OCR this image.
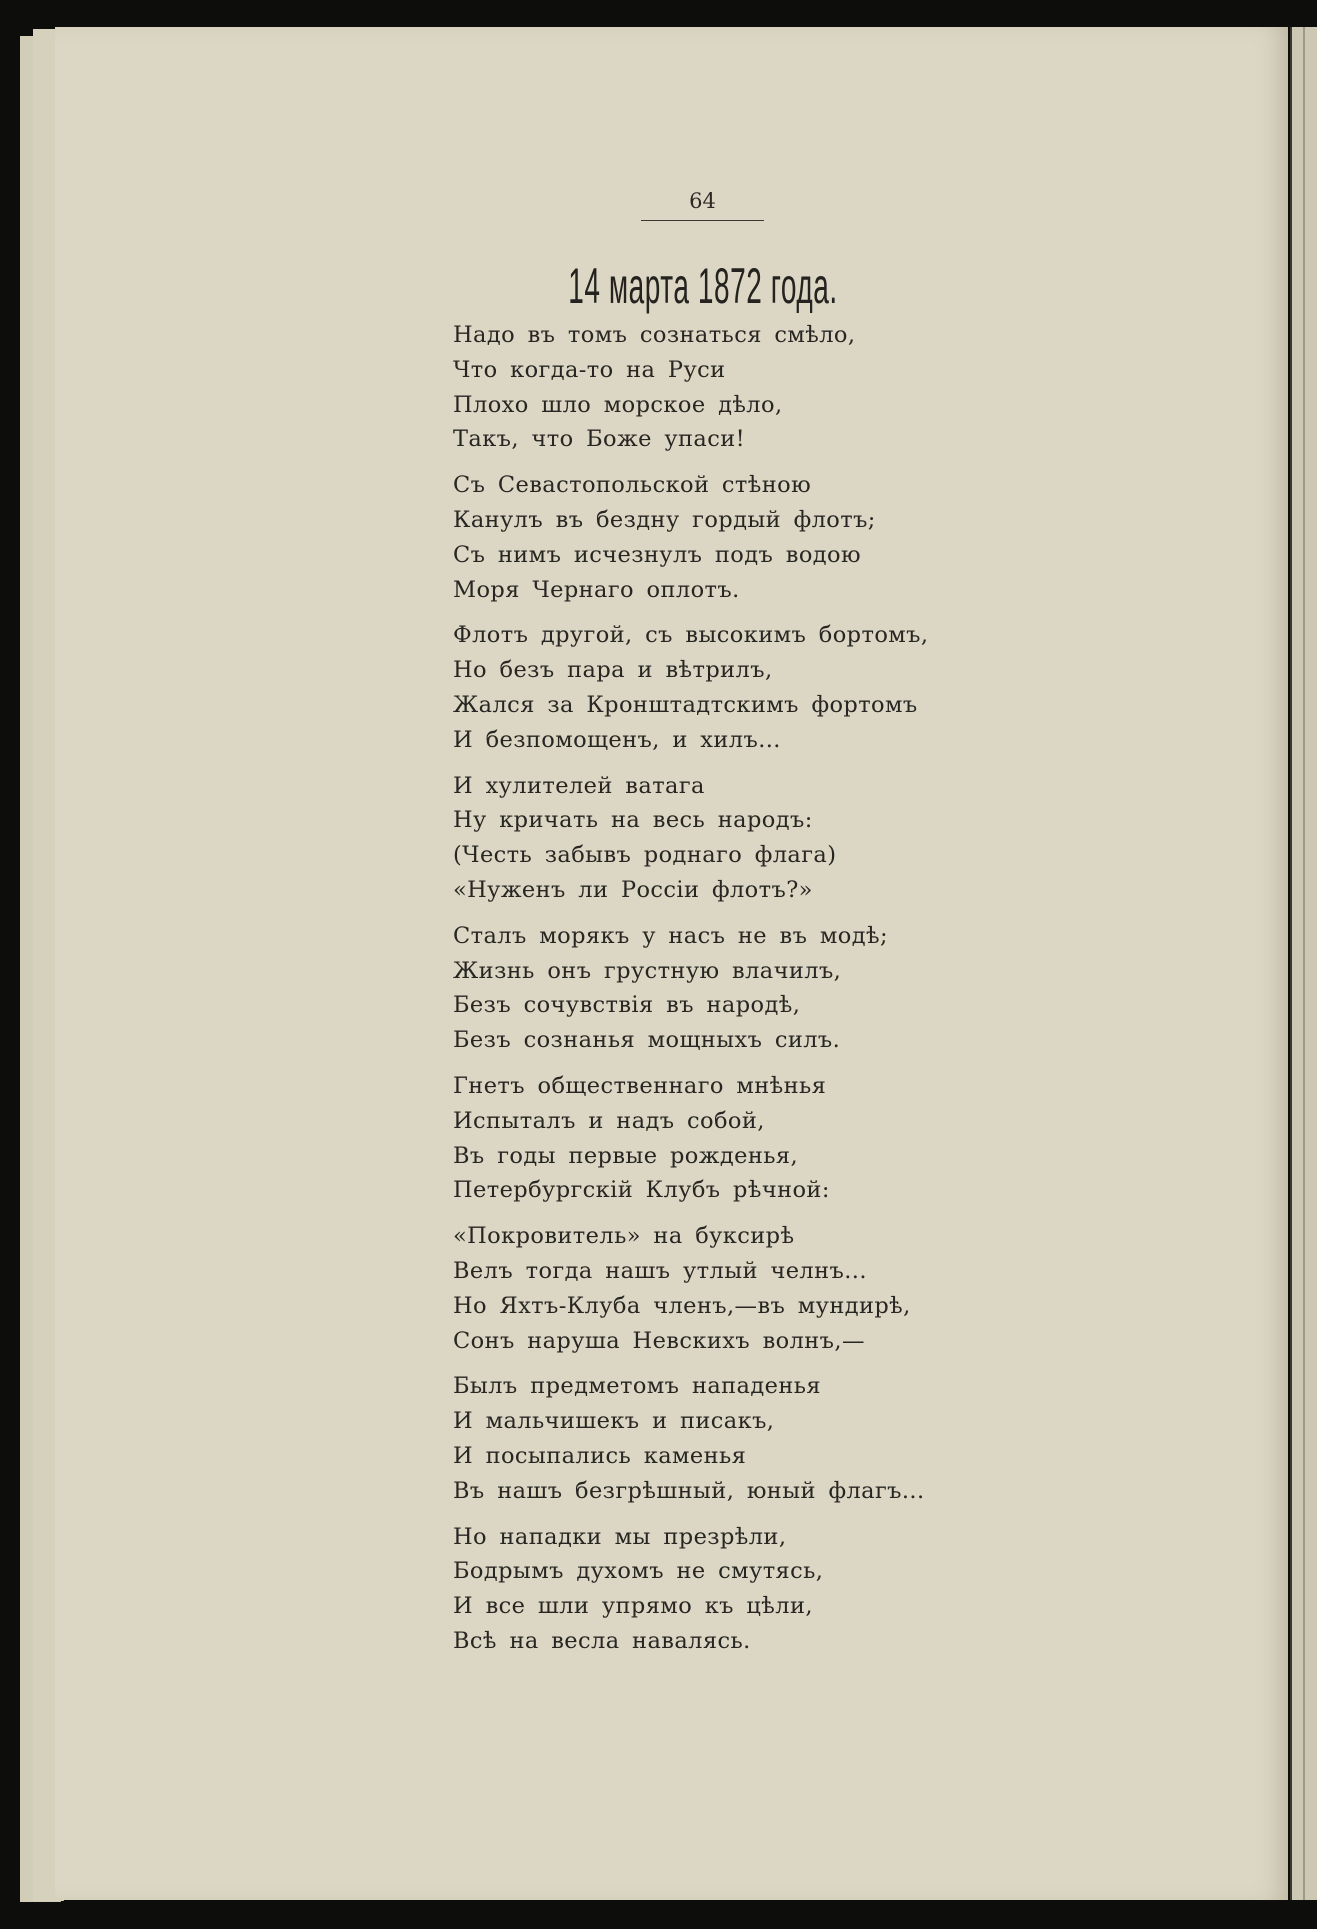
64
14 марта 1872 года.
Надо въ томъ сознаться смѣло,
Что когда-то на Руси
Плохо шло морское дѣло,
Такъ, что Боже упаси!
Съ Севастопольской стѣною
Канулъ въ бездну гордый флотъ;
Съ нимъ исчезнулъ подъ водою
Моря Чернаго оплотъ.
Флотъ другой, съ высокимъ бортомъ,
Но безъ пара и вѣтрилъ,
Жался за Кронштадтскимъ фортомъ
И безпомощенъ, и хилъ...
И хулителей ватага
Ну кричать на весь народъ:
(Честь забывъ роднаго флага)
«Нуженъ ли Россіи флотъ?»
Сталъ морякъ у насъ не въ модѣ;
Жизнь онъ грустную влачилъ,
Безъ сочувствія въ народѣ,
Безъ сознанья мощныхъ силъ.
Гнетъ общественнаго мнѣнья
Испыталъ и надъ собой,
Въ годы первые рожденья,
Петербургскій Клубъ рѣчной:
«Покровитель» на буксирѣ
Велъ тогда нашъ утлый челнъ...
Но Яхтъ-Клуба членъ,—въ мундирѣ,
Сонъ наруша Невскихъ волнъ,—
Былъ предметомъ нападенья
И мальчишекъ и писакъ,
И посыпались каменья
Въ нашъ безгрѣшный, юный флагъ...
Но нападки мы презрѣли,
Бодрымъ духомъ не смутясь,
И все шли упрямо къ цѣли,
Всѣ на весла навалясь.
